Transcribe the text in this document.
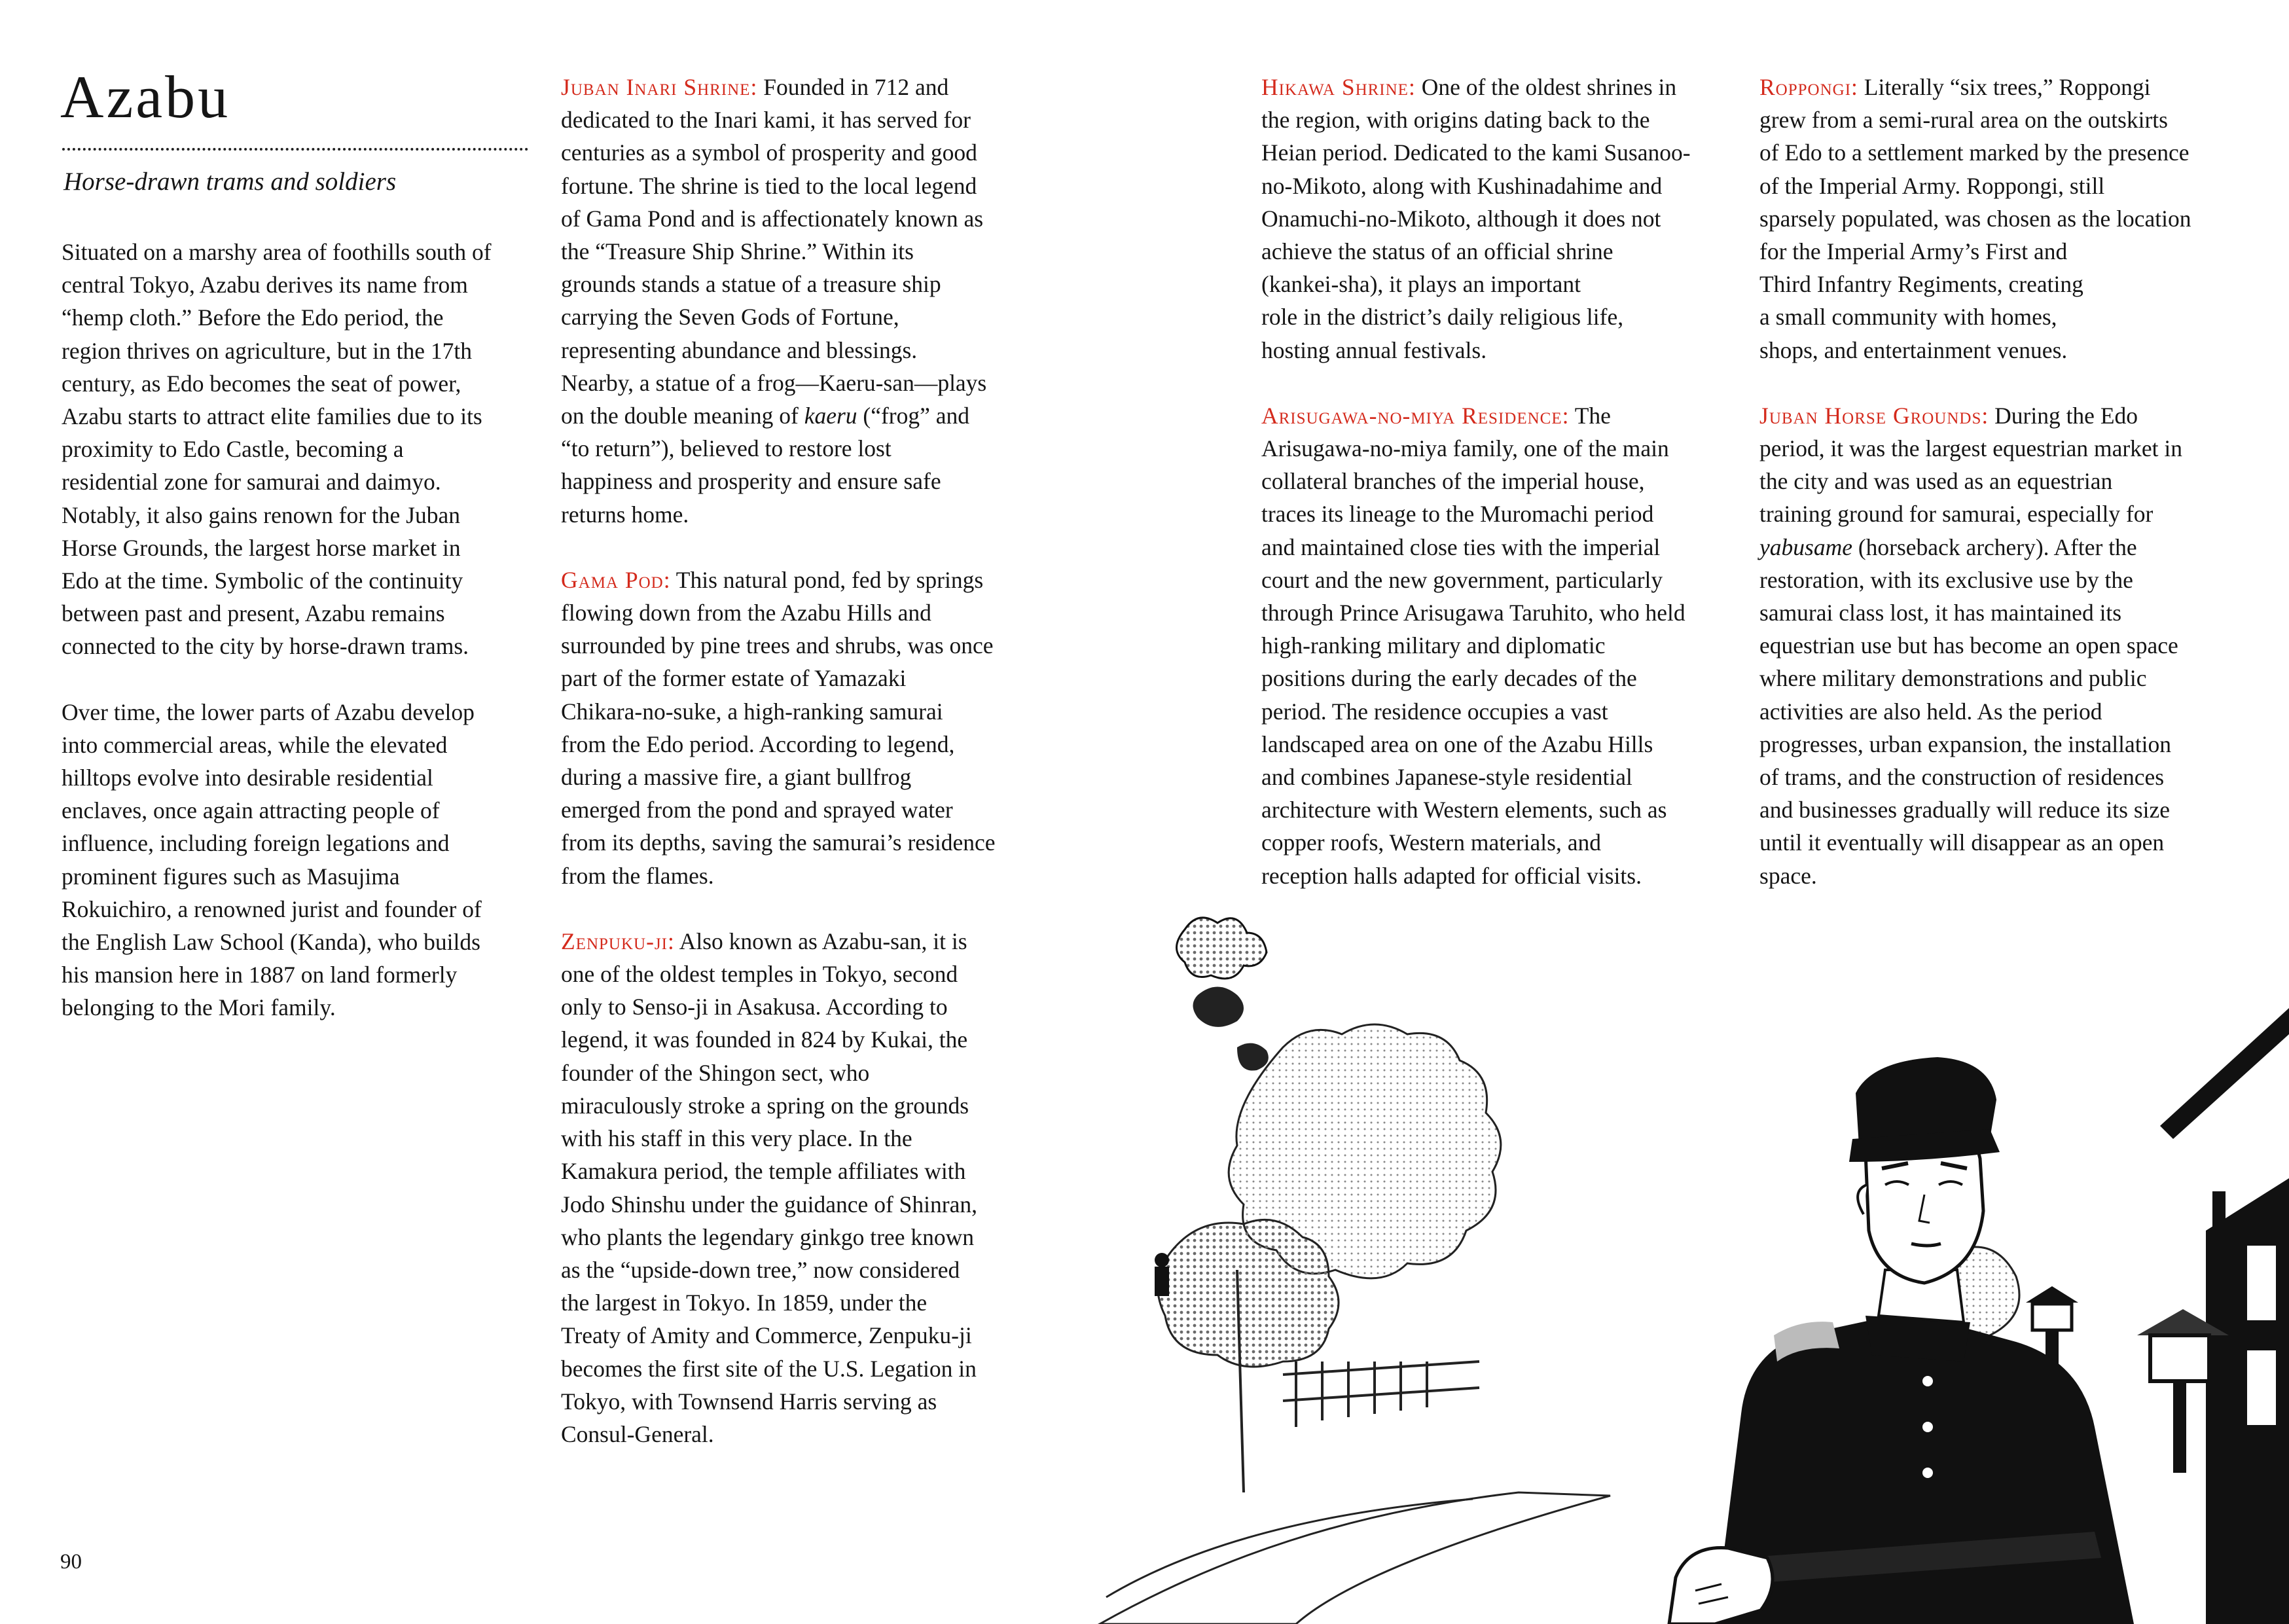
Azabu
Horse-drawn trams and soldiers

Situated on a marshy area of foothills south of

central Tokyo, Azabu derives its name from

“hemp cloth.” Before the Edo period, the

region thrives on agriculture, but in the 17th

century, as Edo becomes the seat of power,

Azabu starts to attract elite families due to its

proximity to Edo Castle, becoming a

residential zone for samurai and daimyo.

Notably, it also gains renown for the Juban

Horse Grounds, the largest horse market in

Edo at the time. Symbolic of the continuity

between past and present, Azabu remains

connected to the city by horse-drawn trams.

Over time, the lower parts of Azabu develop

into commercial areas, while the elevated

hilltops evolve into desirable residential

enclaves, once again attracting people of

influence, including foreign legations and

prominent figures such as Masujima

Rokuichiro, a renowned jurist and founder of

the English Law School (Kanda), who builds

his mansion here in 1887 on land formerly

belonging to the Mori family.

Juban Inari Shrine: Founded in 712 and

dedicated to the Inari kami, it has served for

centuries as a symbol of prosperity and good

fortune. The shrine is tied to the local legend

of Gama Pond and is affectionately known as

the “Treasure Ship Shrine.” Within its

grounds stands a statue of a treasure ship

carrying the Seven Gods of Fortune,

representing abundance and blessings.

Nearby, a statue of a frog—Kaeru-san—plays

on the double meaning of kaeru (“frog” and

“to return”), believed to restore lost

happiness and prosperity and ensure safe

returns home.

Gama Pod: This natural pond, fed by springs

flowing down from the Azabu Hills and

surrounded by pine trees and shrubs, was once

part of the former estate of Yamazaki

Chikara-no-suke, a high-ranking samurai

from the Edo period. According to legend,

during a massive fire, a giant bullfrog

emerged from the pond and sprayed water

from its depths, saving the samurai’s residence

from the flames.

Zenpuku-ji: Also known as Azabu-san, it is

one of the oldest temples in Tokyo, second

only to Senso-ji in Asakusa. According to

legend, it was founded in 824 by Kukai, the

founder of the Shingon sect, who

miraculously stroke a spring on the grounds

with his staff in this very place. In the

Kamakura period, the temple affiliates with

Jodo Shinshu under the guidance of Shinran,

who plants the legendary ginkgo tree known

as the “upside-down tree,” now considered

the largest in Tokyo. In 1859, under the

Treaty of Amity and Commerce, Zenpuku-ji

becomes the first site of the U.S. Legation in

Tokyo, with Townsend Harris serving as

Consul-General.

Hikawa Shrine: One of the oldest shrines in

the region, with origins dating back to the

Heian period. Dedicated to the kami Susanoo-

no-Mikoto, along with Kushinadahime and

Onamuchi-no-Mikoto, although it does not

achieve the status of an official shrine

(kankei-sha), it plays an important

role in the district’s daily religious life,

hosting annual festivals.

Arisugawa-no-miya Residence: The

Arisugawa-no-miya family, one of the main

collateral branches of the imperial house,

traces its lineage to the Muromachi period

and maintained close ties with the imperial

court and the new government, particularly

through Prince Arisugawa Taruhito, who held

high-ranking military and diplomatic

positions during the early decades of the

period. The residence occupies a vast

landscaped area on one of the Azabu Hills

and combines Japanese-style residential

architecture with Western elements, such as

copper roofs, Western materials, and

reception halls adapted for official visits.

Roppongi: Literally “six trees,” Roppongi

grew from a semi-rural area on the outskirts

of Edo to a settlement marked by the presence

of the Imperial Army. Roppongi, still

sparsely populated, was chosen as the location

for the Imperial Army’s First and

Third Infantry Regiments, creating

a small community with homes,

shops, and entertainment venues.

Juban Horse Grounds: During the Edo

period, it was the largest equestrian market in

the city and was used as an equestrian

training ground for samurai, especially for

yabusame (horseback archery). After the

restoration, with its exclusive use by the

samurai class lost, it has maintained its

equestrian use but has become an open space

where military demonstrations and public

activities are also held. As the period

progresses, urban expansion, the installation

of trams, and the construction of residences

and businesses gradually will reduce its size

until it eventually will disappear as an open

space.

90
